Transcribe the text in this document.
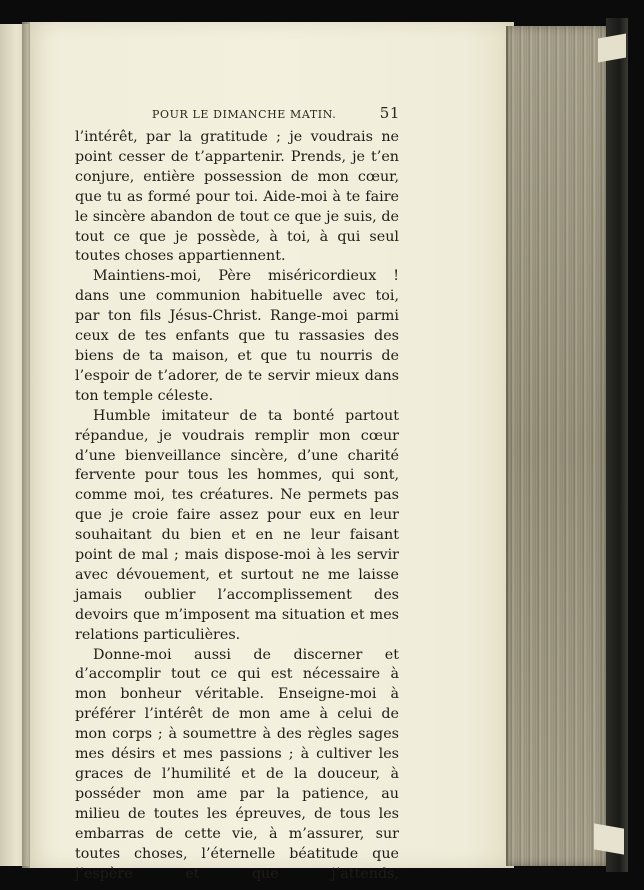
POUR LE DIMANCHE MATIN.	51

l’intérêt, par la gratitude ; je voudrais ne point cesser de t’appartenir. Prends, je t’en conjure, entière possession de mon cœur, que tu as formé pour toi. Aide-moi à te faire le sincère abandon de tout ce que je suis, de tout ce que je possède, à toi, à qui seul toutes choses appartiennent.

Maintiens-moi, Père miséricordieux ! dans une communion habituelle avec toi, par ton fils Jésus-Christ. Range-moi parmi ceux de tes enfants que tu rassasies des biens de ta maison, et que tu nourris de l’espoir de t’adorer, de te servir mieux dans ton temple céleste.

Humble imitateur de ta bonté partout répandue, je voudrais remplir mon cœur d’une bienveillance sincère, d’une charité fervente pour tous les hommes, qui sont, comme moi, tes créatures. Ne permets pas que je croie faire assez pour eux en leur souhaitant du bien et en ne leur faisant point de mal ; mais dispose-moi à les servir avec dévouement, et surtout ne me laisse jamais oublier l’accomplissement des devoirs que m’imposent ma situation et mes relations particulières.

Donne-moi aussi de discerner et d’accomplir tout ce qui est nécessaire à mon bonheur véritable. Enseigne-moi à préférer l’intérêt de mon ame à celui de mon corps ; à soumettre à des règles sages mes désirs et mes passions ; à cultiver les graces de l’humilité et de la douceur, à posséder mon ame par la patience, au milieu de toutes les épreuves, de tous les embarras de cette vie, à m’assurer, sur toutes choses, l’éternelle béatitude que j’espère et que j’attends,
